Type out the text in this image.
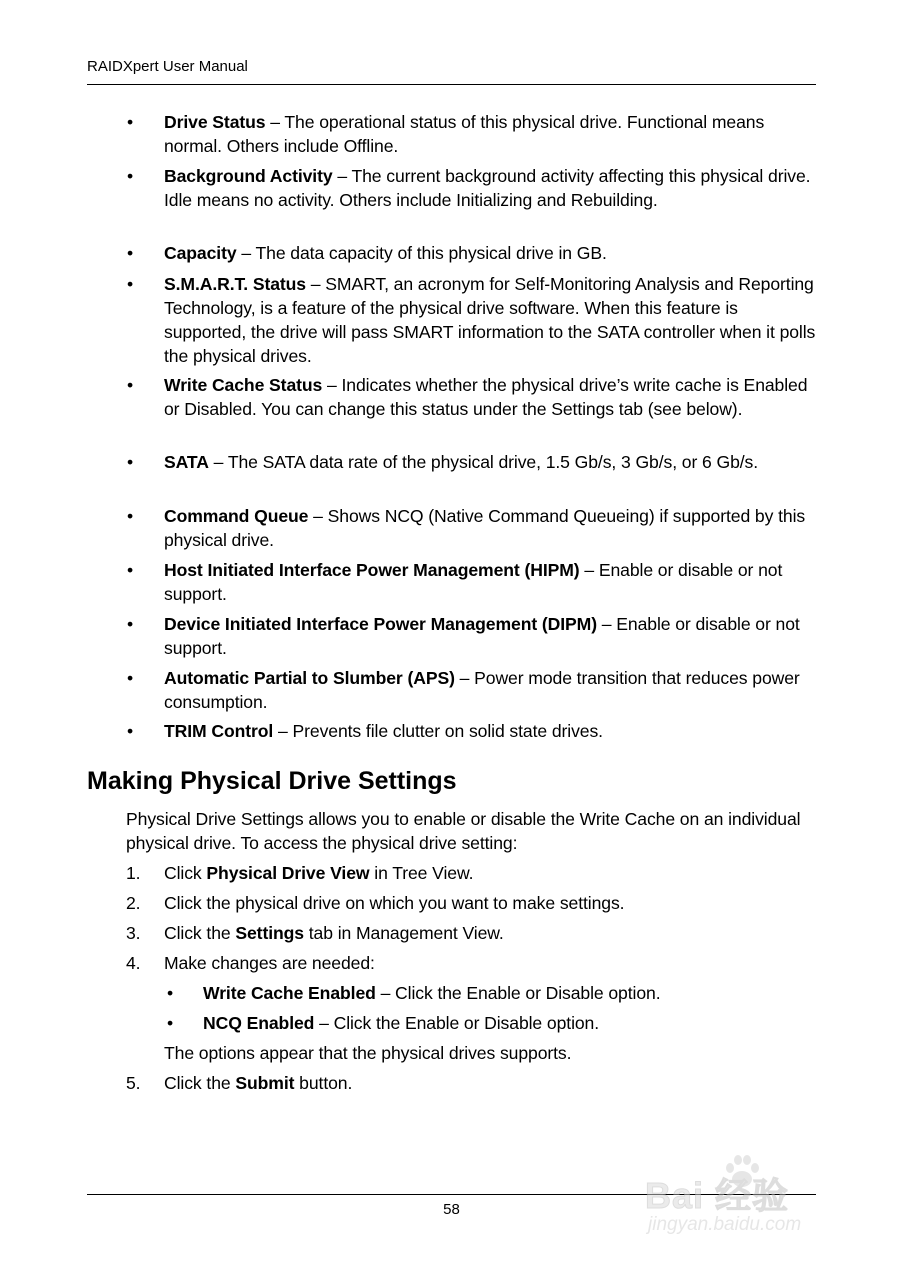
RAIDXpert User Manual
•	Drive Status – The operational status of this physical drive. Functional means normal. Others include Offline.
•	Background Activity – The current background activity affecting this physical drive. Idle means no activity. Others include Initializing and Rebuilding.
•	Capacity – The data capacity of this physical drive in GB.
•	S.M.A.R.T. Status – SMART, an acronym for Self-Monitoring Analysis and Reporting Technology, is a feature of the physical drive software. When this feature is supported, the drive will pass SMART information to the SATA controller when it polls the physical drives.
•	Write Cache Status – Indicates whether the physical drive’s write cache is Enabled or Disabled. You can change this status under the Settings tab (see below).
•	SATA – The SATA data rate of the physical drive, 1.5 Gb/s, 3 Gb/s, or 6 Gb/s.
•	Command Queue – Shows NCQ (Native Command Queueing) if supported by this physical drive.
•	Host Initiated Interface Power Management (HIPM) – Enable or disable or not support.
•	Device Initiated Interface Power Management (DIPM) – Enable or disable or not support.
•	Automatic Partial to Slumber (APS) – Power mode transition that reduces power consumption.
•	TRIM Control – Prevents file clutter on solid state drives.
Making Physical Drive Settings
Physical Drive Settings allows you to enable or disable the Write Cache on an individual physical drive. To access the physical drive setting:
1. Click Physical Drive View in Tree View.
2. Click the physical drive on which you want to make settings.
3. Click the Settings tab in Management View.
4. Make changes are needed:
• Write Cache Enabled – Click the Enable or Disable option.
• NCQ Enabled – Click the Enable or Disable option.
The options appear that the physical drives supports.
5. Click the Submit button.
58	Bai 经验
jingyan.baidu.com
